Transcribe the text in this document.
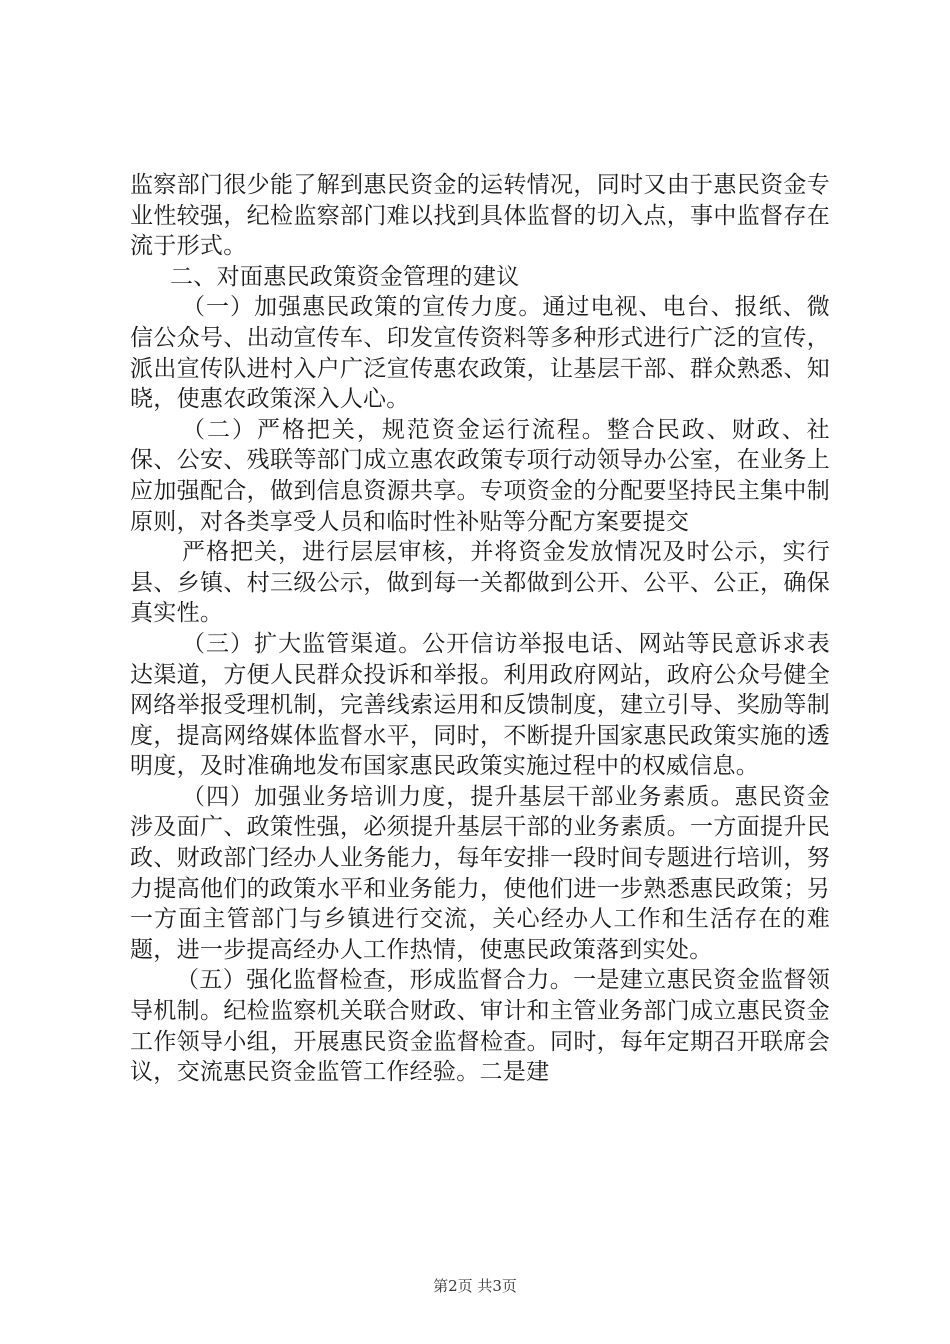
监察部门很少能了解到惠民资金的运转情况，同时又由于惠民资金专业性较强，纪检监察部门难以找到具体监督的切入点，事中监督存在流于形式。

二、对面惠民政策资金管理的建议

（一）加强惠民政策的宣传力度。通过电视、电台、报纸、微信公众号、出动宣传车、印发宣传资料等多种形式进行广泛的宣传，派出宣传队进村入户广泛宣传惠农政策，让基层干部、群众熟悉、知晓，使惠农政策深入人心。

（二）严格把关，规范资金运行流程。整合民政、财政、社保、公安、残联等部门成立惠农政策专项行动领导办公室，在业务上应加强配合，做到信息资源共享。专项资金的分配要坚持民主集中制原则，对各类享受人员和临时性补贴等分配方案要提交

严格把关，进行层层审核，并将资金发放情况及时公示，实行县、乡镇、村三级公示，做到每一关都做到公开、公平、公正，确保真实性。

（三）扩大监管渠道。公开信访举报电话、网站等民意诉求表达渠道，方便人民群众投诉和举报。利用政府网站，政府公众号健全网络举报受理机制，完善线索运用和反馈制度，建立引导、奖励等制度，提高网络媒体监督水平，同时，不断提升国家惠民政策实施的透明度，及时准确地发布国家惠民政策实施过程中的权威信息。

（四）加强业务培训力度，提升基层干部业务素质。惠民资金涉及面广、政策性强，必须提升基层干部的业务素质。一方面提升民政、财政部门经办人业务能力，每年安排一段时间专题进行培训，努力提高他们的政策水平和业务能力，使他们进一步熟悉惠民政策；另一方面主管部门与乡镇进行交流，关心经办人工作和生活存在的难题，进一步提高经办人工作热情，使惠民政策落到实处。

（五）强化监督检查，形成监督合力。一是建立惠民资金监督领导机制。纪检监察机关联合财政、审计和主管业务部门成立惠民资金工作领导小组，开展惠民资金监督检查。同时，每年定期召开联席会议，交流惠民资金监管工作经验。二是建

第2页 共3页
